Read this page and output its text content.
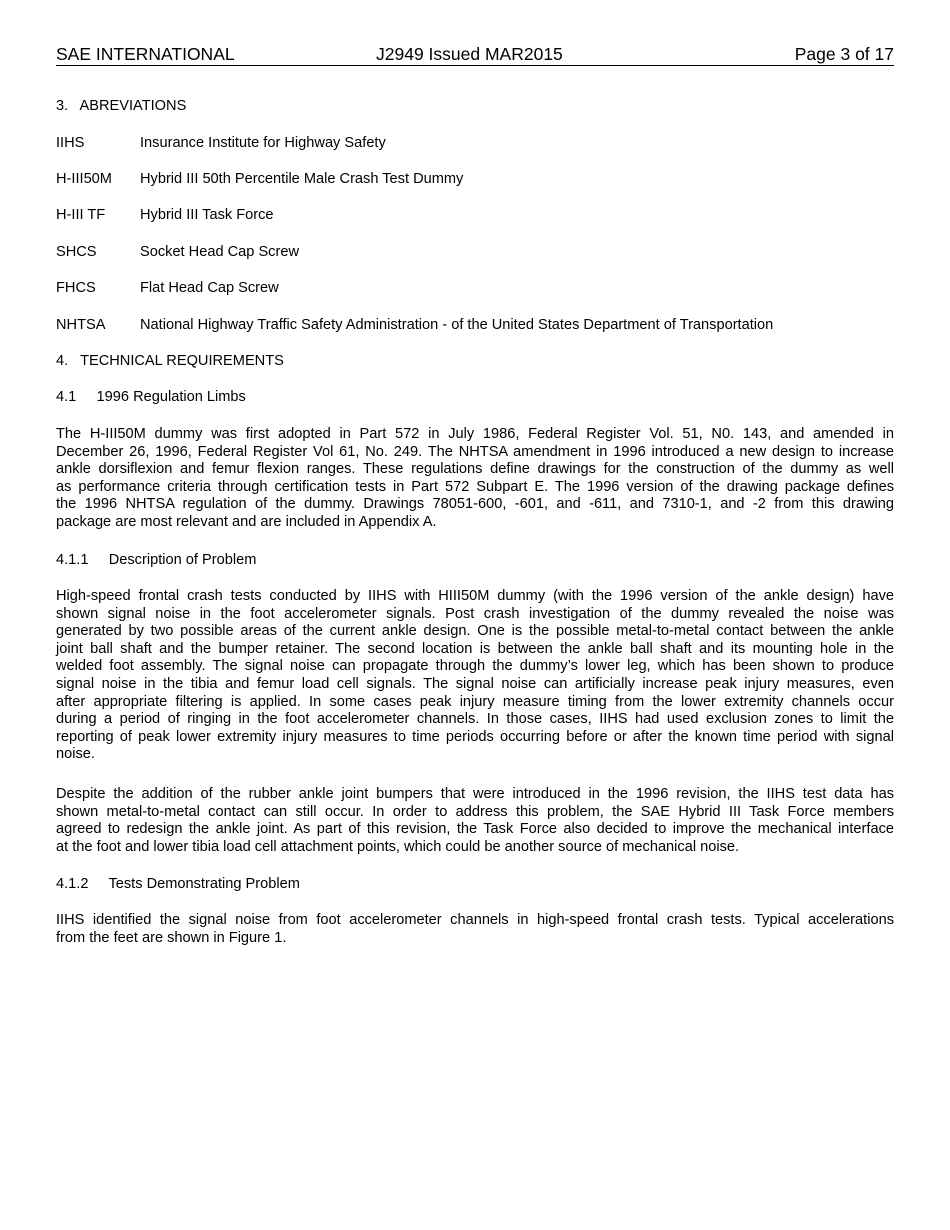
SAE INTERNATIONAL	J2949 Issued MAR2015	Page 3 of 17
3.   ABREVIATIONS
IIHS	Insurance Institute for Highway Safety
H-III50M Hybrid III 50th Percentile Male Crash Test Dummy
H-III TF Hybrid III Task Force
SHCS	Socket Head Cap Screw
FHCS	Flat Head Cap Screw
NHTSA National Highway Traffic Safety Administration - of the United States Department of Transportation
4.   TECHNICAL REQUIREMENTS
4.1     1996 Regulation Limbs
The H-III50M dummy was first adopted in Part 572 in July 1986, Federal Register Vol. 51, N0. 143, and amended in
December 26, 1996, Federal Register Vol 61, No. 249. The NHTSA amendment in 1996 introduced a new design to increase
ankle dorsiflexion and femur flexion ranges. These regulations define drawings for the construction of the dummy as well
as performance criteria through certification tests in Part 572 Subpart E. The 1996 version of the drawing package defines
the 1996 NHTSA regulation of the dummy. Drawings 78051-600, -601, and -611, and 7310-1, and -2 from this drawing
package are most relevant and are included in Appendix A.
4.1.1     Description of Problem
High-speed frontal crash tests conducted by IIHS with HIII50M dummy (with the 1996 version of the ankle design) have
shown signal noise in the foot accelerometer signals. Post crash investigation of the dummy revealed the noise was
generated by two possible areas of the current ankle design. One is the possible metal-to-metal contact between the ankle
joint ball shaft and the bumper retainer. The second location is between the ankle ball shaft and its mounting hole in the
welded foot assembly. The signal noise can propagate through the dummy’s lower leg, which has been shown to produce
signal noise in the tibia and femur load cell signals. The signal noise can artificially increase peak injury measures, even
after appropriate filtering is applied. In some cases peak injury measure timing from the lower extremity channels occur
during a period of ringing in the foot accelerometer channels. In those cases, IIHS had used exclusion zones to limit the
reporting of peak lower extremity injury measures to time periods occurring before or after the known time period with signal
noise.
Despite the addition of the rubber ankle joint bumpers that were introduced in the 1996 revision, the IIHS test data has
shown metal-to-metal contact can still occur. In order to address this problem, the SAE Hybrid III Task Force members
agreed to redesign the ankle joint. As part of this revision, the Task Force also decided to improve the mechanical interface
at the foot and lower tibia load cell attachment points, which could be another source of mechanical noise.
4.1.2     Tests Demonstrating Problem
IIHS identified the signal noise from foot accelerometer channels in high-speed frontal crash tests. Typical accelerations
from the feet are shown in Figure 1.
